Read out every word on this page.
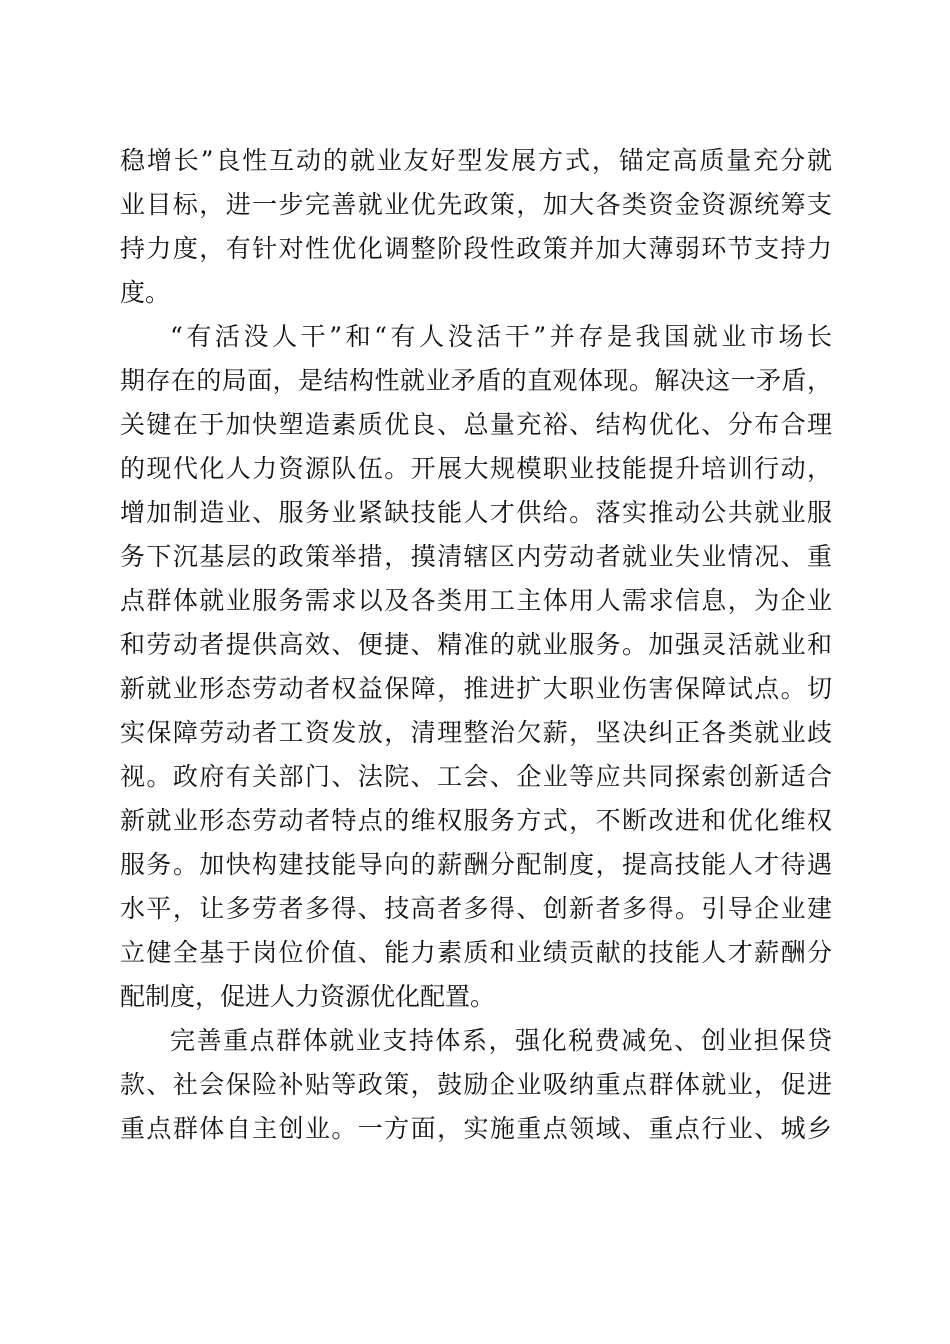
稳增长”良性互动的就业友好型发展方式，锚定高质量充分就
业目标，进一步完善就业优先政策，加大各类资金资源统筹支
持力度，有针对性优化调整阶段性政策并加大薄弱环节支持力
度。
“有活没人干”和“有人没活干”并存是我国就业市场长
期存在的局面，是结构性就业矛盾的直观体现。解决这一矛盾，
关键在于加快塑造素质优良、总量充裕、结构优化、分布合理
的现代化人力资源队伍。开展大规模职业技能提升培训行动，
增加制造业、服务业紧缺技能人才供给。落实推动公共就业服
务下沉基层的政策举措，摸清辖区内劳动者就业失业情况、重
点群体就业服务需求以及各类用工主体用人需求信息，为企业
和劳动者提供高效、便捷、精准的就业服务。加强灵活就业和
新就业形态劳动者权益保障，推进扩大职业伤害保障试点。切
实保障劳动者工资发放，清理整治欠薪，坚决纠正各类就业歧
视。政府有关部门、法院、工会、企业等应共同探索创新适合
新就业形态劳动者特点的维权服务方式，不断改进和优化维权
服务。加快构建技能导向的薪酬分配制度，提高技能人才待遇
水平，让多劳者多得、技高者多得、创新者多得。引导企业建
立健全基于岗位价值、能力素质和业绩贡献的技能人才薪酬分
配制度，促进人力资源优化配置。
完善重点群体就业支持体系，强化税费减免、创业担保贷
款、社会保险补贴等政策，鼓励企业吸纳重点群体就业，促进
重点群体自主创业。一方面，实施重点领域、重点行业、城乡
